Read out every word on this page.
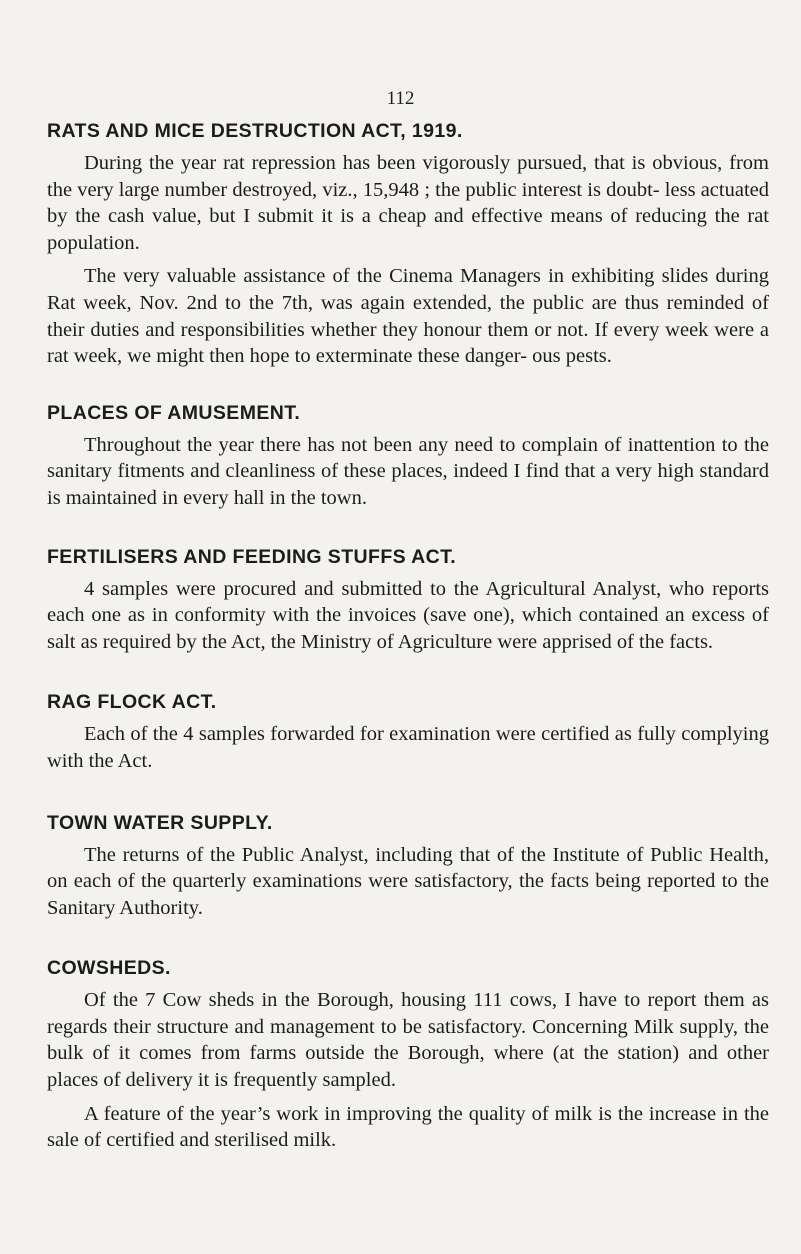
112
RATS AND MICE DESTRUCTION ACT, 1919.

During the year rat repression has been vigorously pursued, that is obvious, from the very large number destroyed, viz., 15,948 ; the public interest is doubt- less actuated by the cash value, but I submit it is a cheap and effective means of reducing the rat population.

The very valuable assistance of the Cinema Managers in exhibiting slides during Rat week, Nov. 2nd to the 7th, was again extended, the public are thus reminded of their duties and responsibilities whether they honour them or not. If every week were a rat week, we might then hope to exterminate these danger- ous pests.

PLACES OF AMUSEMENT.

Throughout the year there has not been any need to complain of inattention to the sanitary fitments and cleanliness of these places, indeed I find that a very high standard is maintained in every hall in the town.

FERTILISERS AND FEEDING STUFFS ACT.

4 samples were procured and submitted to the Agricultural Analyst, who reports each one as in conformity with the invoices (save one), which contained an excess of salt as required by the Act, the Ministry of Agriculture were apprised of the facts.

RAG FLOCK ACT.

Each of the 4 samples forwarded for examination were certified as fully complying with the Act.

TOWN WATER SUPPLY.

The returns of the Public Analyst, including that of the Institute of Public Health, on each of the quarterly examinations were satisfactory, the facts being reported to the Sanitary Authority.

COWSHEDS.

Of the 7 Cow sheds in the Borough, housing 111 cows, I have to report them as regards their structure and management to be satisfactory. Concerning Milk supply, the bulk of it comes from farms outside the Borough, where (at the station) and other places of delivery it is frequently sampled.

A feature of the year’s work in improving the quality of milk is the increase in the sale of certified and sterilised milk.
